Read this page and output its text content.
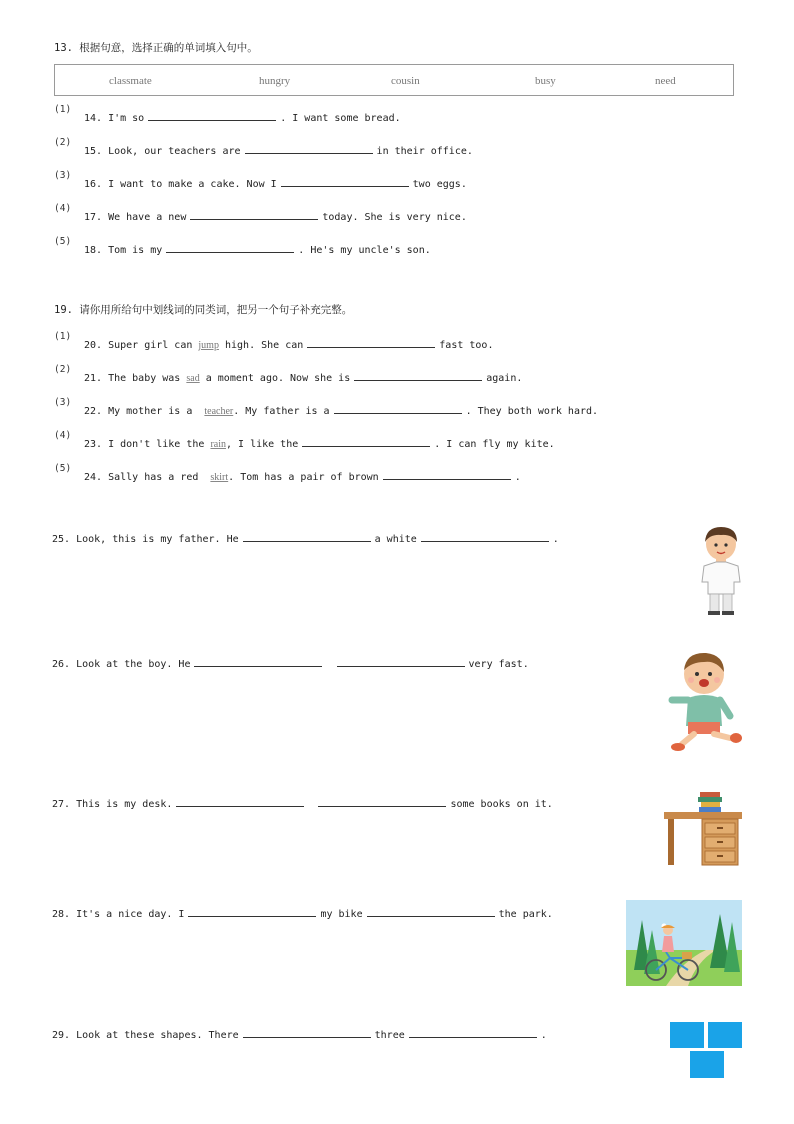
13. 根据句意，选择正确的单词填入句中。
classmate	hungry	cousin	busy	need
(1)
14. I'm so	. I want some bread.
(2)
15. Look, our teachers are	in their office.
(3)
16. I want to make a cake. Now I	two eggs.
(4)
17. We have a new	today. She is very nice.
(5)
18. Tom is my	. He's my uncle's son.
19. 请你用所给句中划线词的同类词，把另一个句子补充完整。
(1)
20. Super girl can jump high. She can	fast too.
(2)
21. The baby was sad a moment ago. Now she is	again.
(3)
22. My mother is a teacher. My father is a	. They both work hard.
(4)
23. I don't like the rain, I like the	. I can fly my kite.
(5)
24. Sally has a red skirt. Tom has a pair of brown	.
25. Look, this is my father. He	a white	.
26. Look at the boy. He	very fast.
27. This is my desk.	some books on it.
28. It's a nice day. I	my bike	the park.
29. Look at these shapes. There	three	.
